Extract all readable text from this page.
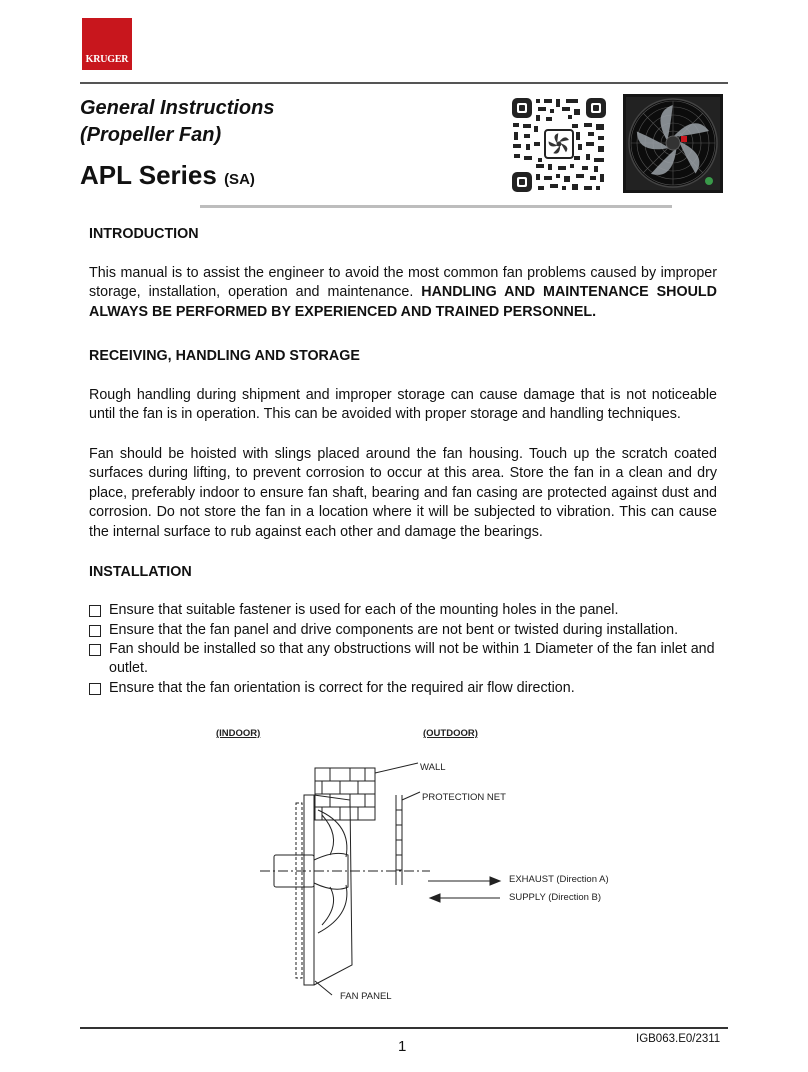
KRUGER
General Instructions
(Propeller Fan)
APL Series (SA)
INTRODUCTION
This manual is to assist the engineer to avoid the most common fan problems caused by improper storage, installation, operation and maintenance. HANDLING AND MAINTENANCE SHOULD ALWAYS BE PERFORMED BY EXPERIENCED AND TRAINED PERSONNEL.
RECEIVING, HANDLING AND STORAGE
Rough handling during shipment and improper storage can cause damage that is not noticeable until the fan is in operation. This can be avoided with proper storage and handling techniques.
Fan should be hoisted with slings placed around the fan housing. Touch up the scratch coated surfaces during lifting, to prevent corrosion to occur at this area. Store the fan in a clean and dry place, preferably indoor to ensure fan shaft, bearing and fan casing are protected against dust and corrosion. Do not store the fan in a location where it will be subjected to vibration. This can cause the internal surface to rub against each other and damage the bearings.
INSTALLATION
Ensure that suitable fastener is used for each of the mounting holes in the panel.
Ensure that the fan panel and drive components are not bent or twisted during installation.
Fan should be installed so that any obstructions will not be within 1 Diameter of the fan inlet and outlet.
Ensure that the fan orientation is correct for the required air flow direction.
(INDOOR)	(OUTDOOR)
WALL
PROTECTION NET
EXHAUST (Direction A)
SUPPLY (Direction B)
FAN PANEL
1	IGB063.E0/2311
